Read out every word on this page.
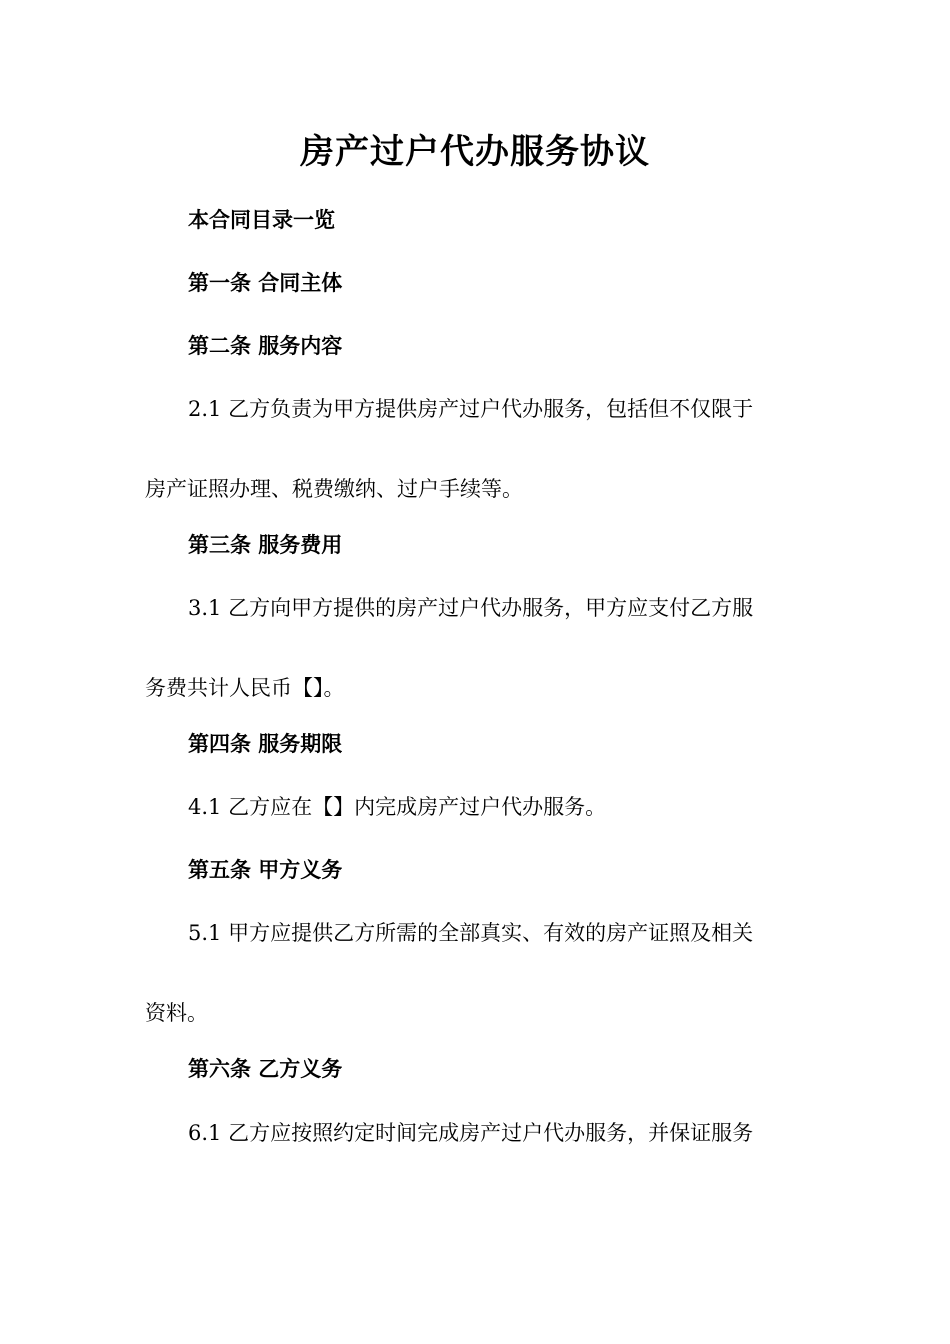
房产过户代办服务协议
本合同目录一览
第一条 合同主体
第二条 服务内容
2.1 乙方负责为甲方提供房产过户代办服务，包括但不仅限于
房产证照办理、税费缴纳、过户手续等。
第三条 服务费用
3.1 乙方向甲方提供的房产过户代办服务，甲方应支付乙方服
务费共计人民币【】。
第四条 服务期限
4.1 乙方应在【】内完成房产过户代办服务。
第五条 甲方义务
5.1 甲方应提供乙方所需的全部真实、有效的房产证照及相关
资料。
第六条 乙方义务
6.1 乙方应按照约定时间完成房产过户代办服务，并保证服务
